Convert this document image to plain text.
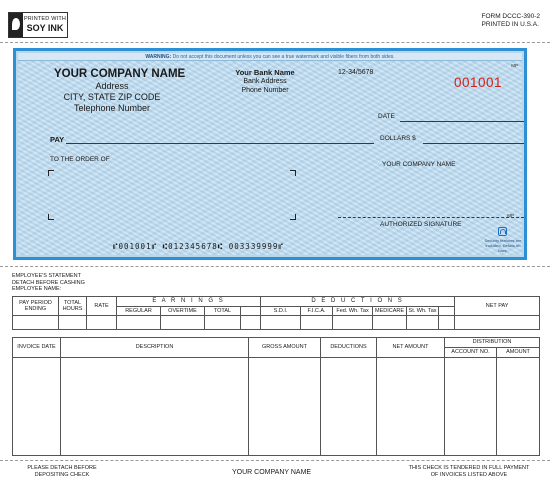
PRINTED WITH
SOY INK
FORM DCCC-390-2
PRINTED IN U.S.A.
WARNING: Do not accept this document unless you can see a true watermark and visible fibers from both sides.
MP
YOUR COMPANY NAME
Address
CITY, STATE ZIP CODE
Telephone Number
Your Bank Name
Bank Address
Phone Number
12-34/5678
001001
DATE
PAY	DOLLARS $
TO THE ORDER OF
YOUR COMPANY NAME
MP
AUTHORIZED SIGNATURE
Security features are included. Details on back.
⑈001001⑈ ⑆012345678⑆ 003339999⑈
EMPLOYEE'S STATEMENT
DETACH BEFORE CASHING
EMPLOYEE NAME:
PAY PERIOD ENDING	TOTAL HOURS	RATE	E A R N I N G S				D E D U C T I O N S						NET PAY
			REGULAR	OVERTIME	TOTAL		S.D.I.	F.I.C.A.	Fed. Wh. Tax	MEDICARE	St. Wh. Tax		

INVOICE DATE	DESCRIPTION	GROSS AMOUNT	DEDUCTIONS	NET AMOUNT	DISTRIBUTION	
					ACCOUNT NO.	AMOUNT

PLEASE DETACH BEFORE
DEPOSITING CHECK	YOUR COMPANY NAME
THIS CHECK IS TENDERED IN FULL PAYMENT
OF INVOICES LISTED ABOVE
